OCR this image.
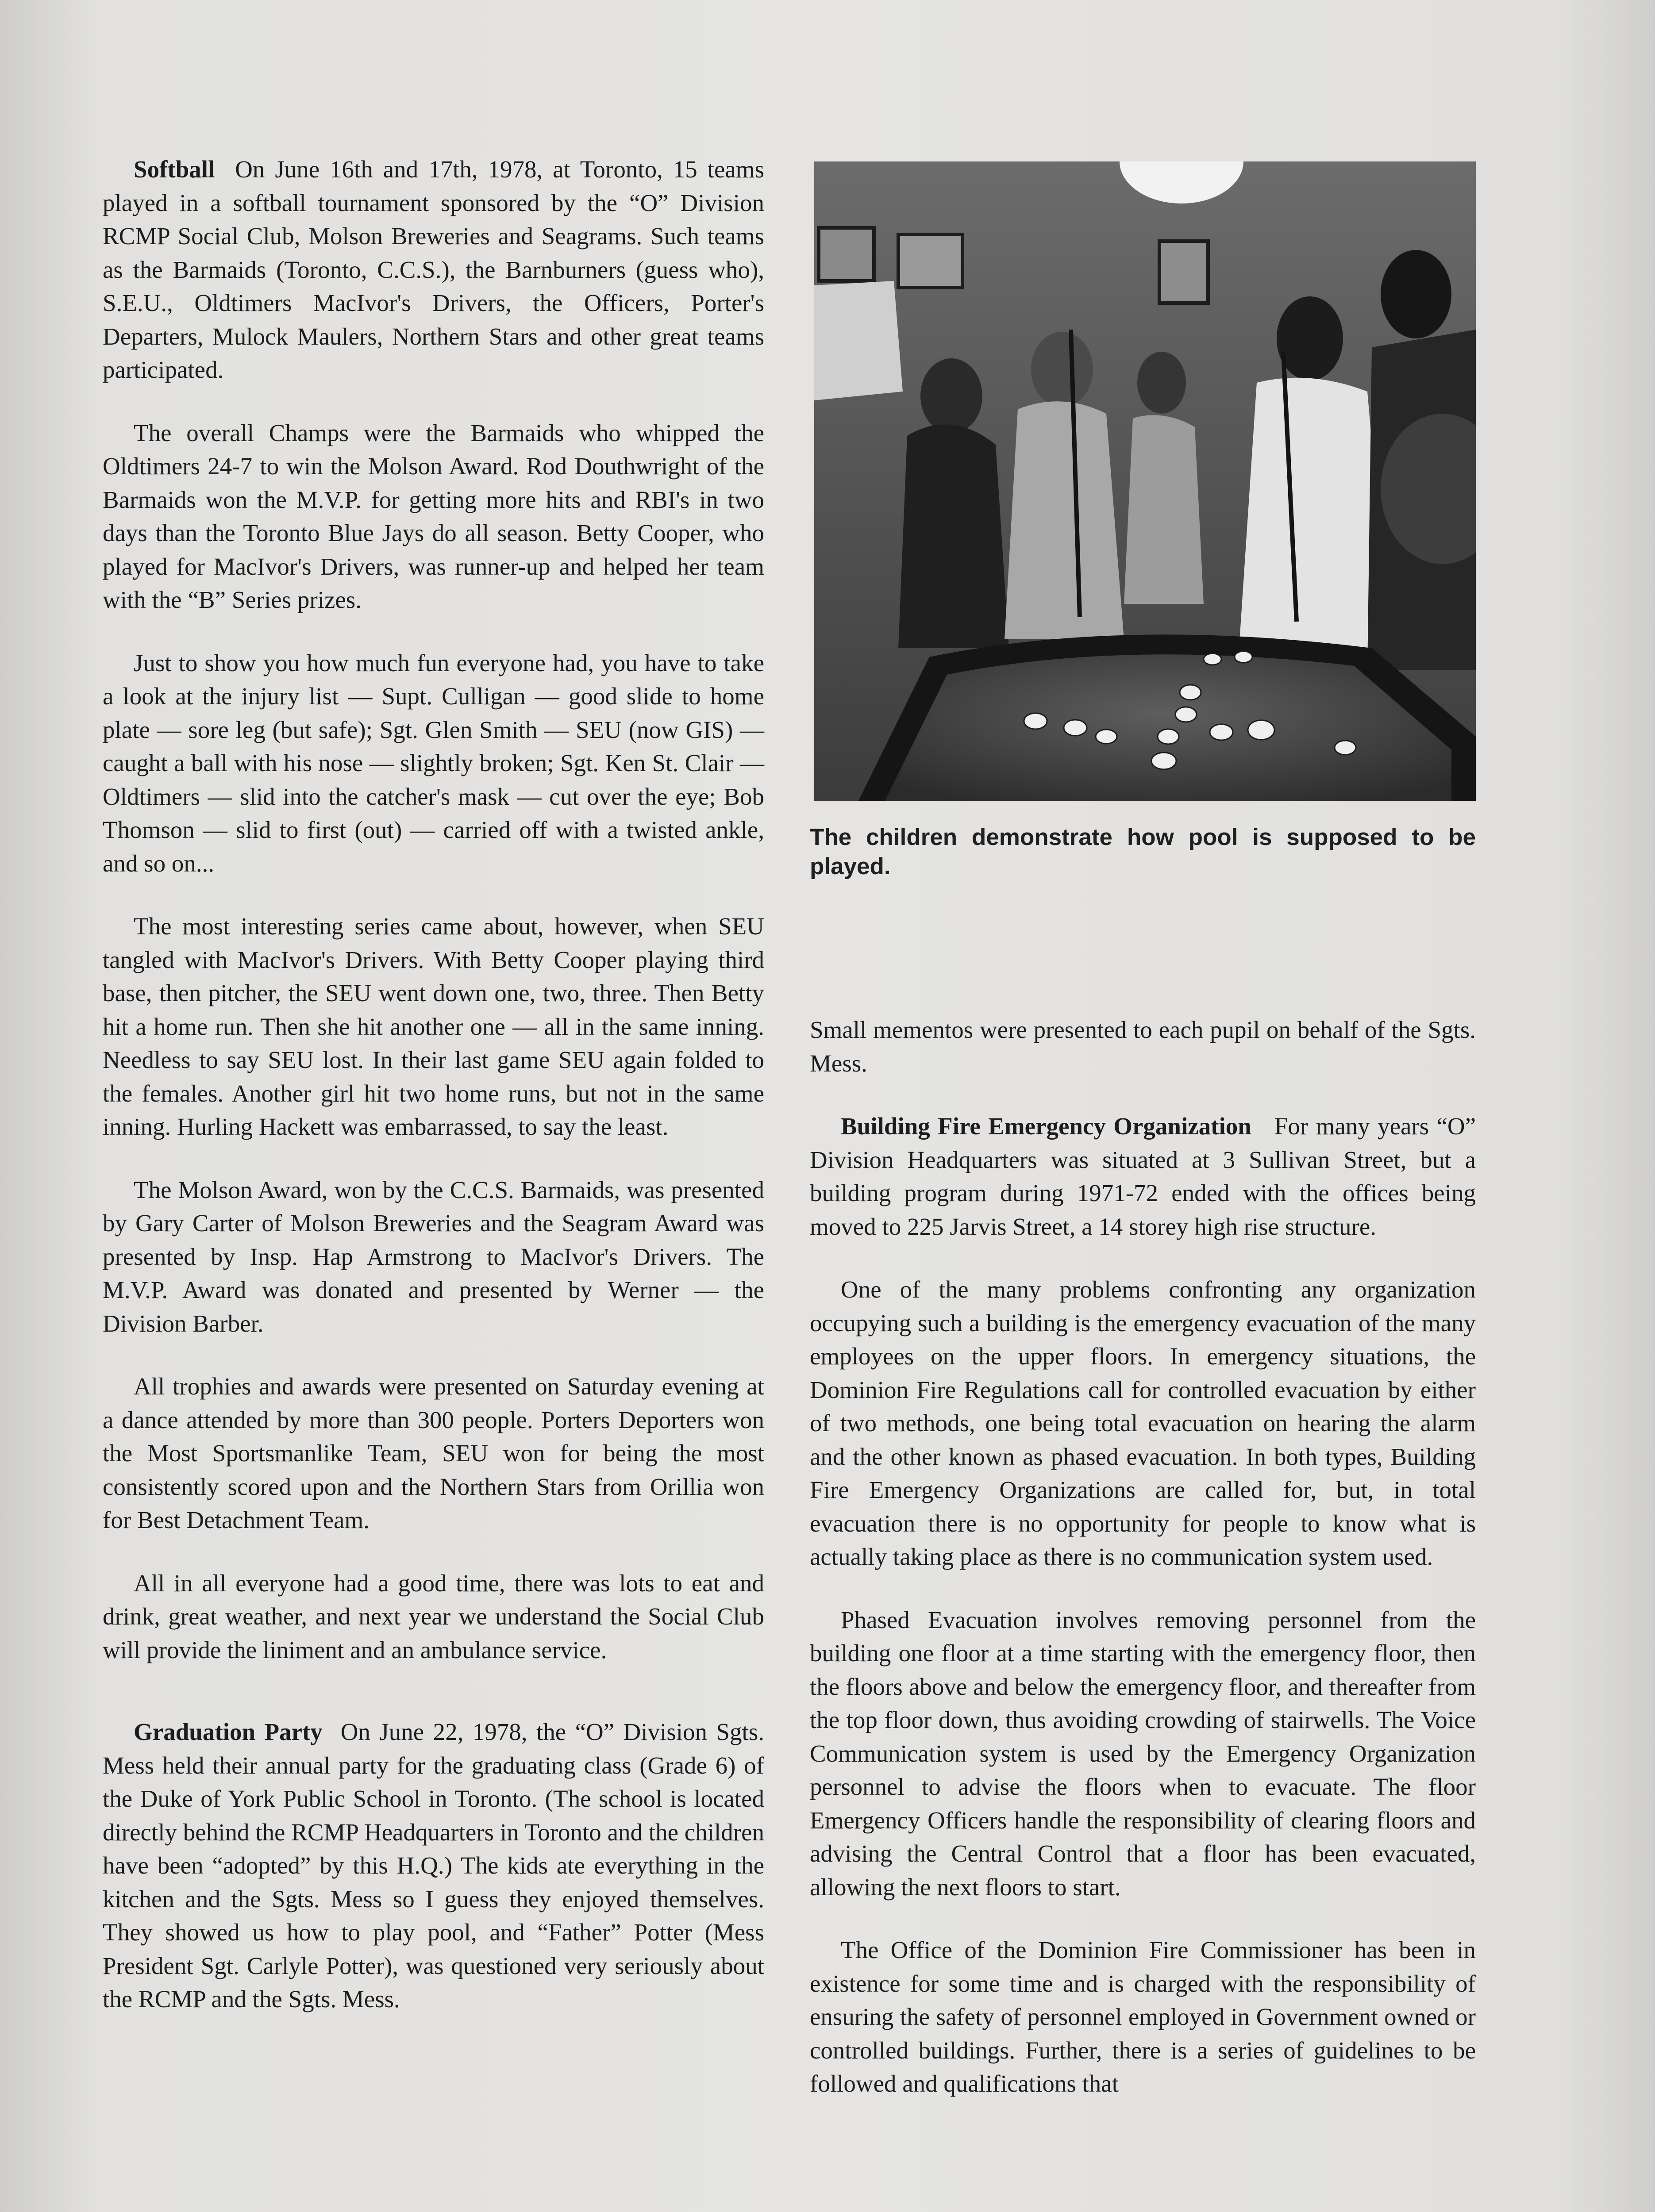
Softball On June 16th and 17th, 1978, at Toronto, 15 teams played in a softball tournament sponsored by the “O” Division RCMP Social Club, Molson Breweries and Seagrams. Such teams as the Barmaids (Toronto, C.C.S.), the Barnburners (guess who), S.E.U., Oldtimers MacIvor's Drivers, the Officers, Porter's Departers, Mulock Maulers, Northern Stars and other great teams participated.

The overall Champs were the Barmaids who whipped the Oldtimers 24-7 to win the Molson Award. Rod Douthwright of the Barmaids won the M.V.P. for getting more hits and RBI's in two days than the Toronto Blue Jays do all season. Betty Cooper, who played for MacIvor's Drivers, was runner-up and helped her team with the “B” Series prizes.

Just to show you how much fun everyone had, you have to take a look at the injury list — Supt. Culligan — good slide to home plate — sore leg (but safe); Sgt. Glen Smith — SEU (now GIS) — caught a ball with his nose — slightly broken; Sgt. Ken St. Clair — Oldtimers — slid into the catcher's mask — cut over the eye; Bob Thomson — slid to first (out) — carried off with a twisted ankle, and so on...

The most interesting series came about, however, when SEU tangled with MacIvor's Drivers. With Betty Cooper playing third base, then pitcher, the SEU went down one, two, three. Then Betty hit a home run. Then she hit another one — all in the same inning. Needless to say SEU lost. In their last game SEU again folded to the females. Another girl hit two home runs, but not in the same inning. Hurling Hackett was embarrassed, to say the least.

The Molson Award, won by the C.C.S. Barmaids, was presented by Gary Carter of Molson Breweries and the Seagram Award was presented by Insp. Hap Armstrong to MacIvor's Drivers. The M.V.P. Award was donated and presented by Werner — the Division Barber.

All trophies and awards were presented on Saturday evening at a dance attended by more than 300 people. Porters Deporters won the Most Sportsmanlike Team, SEU won for being the most consistently scored upon and the Northern Stars from Orillia won for Best Detachment Team.

All in all everyone had a good time, there was lots to eat and drink, great weather, and next year we understand the Social Club will provide the liniment and an ambulance service.

Graduation Party On June 22, 1978, the “O” Division Sgts. Mess held their annual party for the graduating class (Grade 6) of the Duke of York Public School in Toronto. (The school is located directly behind the RCMP Headquarters in Toronto and the children have been “adopted” by this H.Q.) The kids ate everything in the kitchen and the Sgts. Mess so I guess they enjoyed themselves. They showed us how to play pool, and “Father” Potter (Mess President Sgt. Carlyle Potter), was questioned very seriously about the RCMP and the Sgts. Mess.

The children demonstrate how pool is supposed to be played.

Small mementos were presented to each pupil on behalf of the Sgts. Mess.

Building Fire Emergency Organization For many years “O” Division Headquarters was situated at 3 Sullivan Street, but a building program during 1971-72 ended with the offices being moved to 225 Jarvis Street, a 14 storey high rise structure.

One of the many problems confronting any organization occupying such a building is the emergency evacuation of the many employees on the upper floors. In emergency situations, the Dominion Fire Regulations call for controlled evacuation by either of two methods, one being total evacuation on hearing the alarm and the other known as phased evacuation. In both types, Building Fire Emergency Organizations are called for, but, in total evacuation there is no opportunity for people to know what is actually taking place as there is no communication system used.

Phased Evacuation involves removing personnel from the building one floor at a time starting with the emergency floor, then the floors above and below the emergency floor, and thereafter from the top floor down, thus avoiding crowding of stairwells. The Voice Communication system is used by the Emergency Organization personnel to advise the floors when to evacuate. The floor Emergency Officers handle the responsibility of clearing floors and advising the Central Control that a floor has been evacuated, allowing the next floors to start.

The Office of the Dominion Fire Commissioner has been in existence for some time and is charged with the responsibility of ensuring the safety of personnel employed in Government owned or controlled buildings. Further, there is a series of guidelines to be followed and qualifications that
